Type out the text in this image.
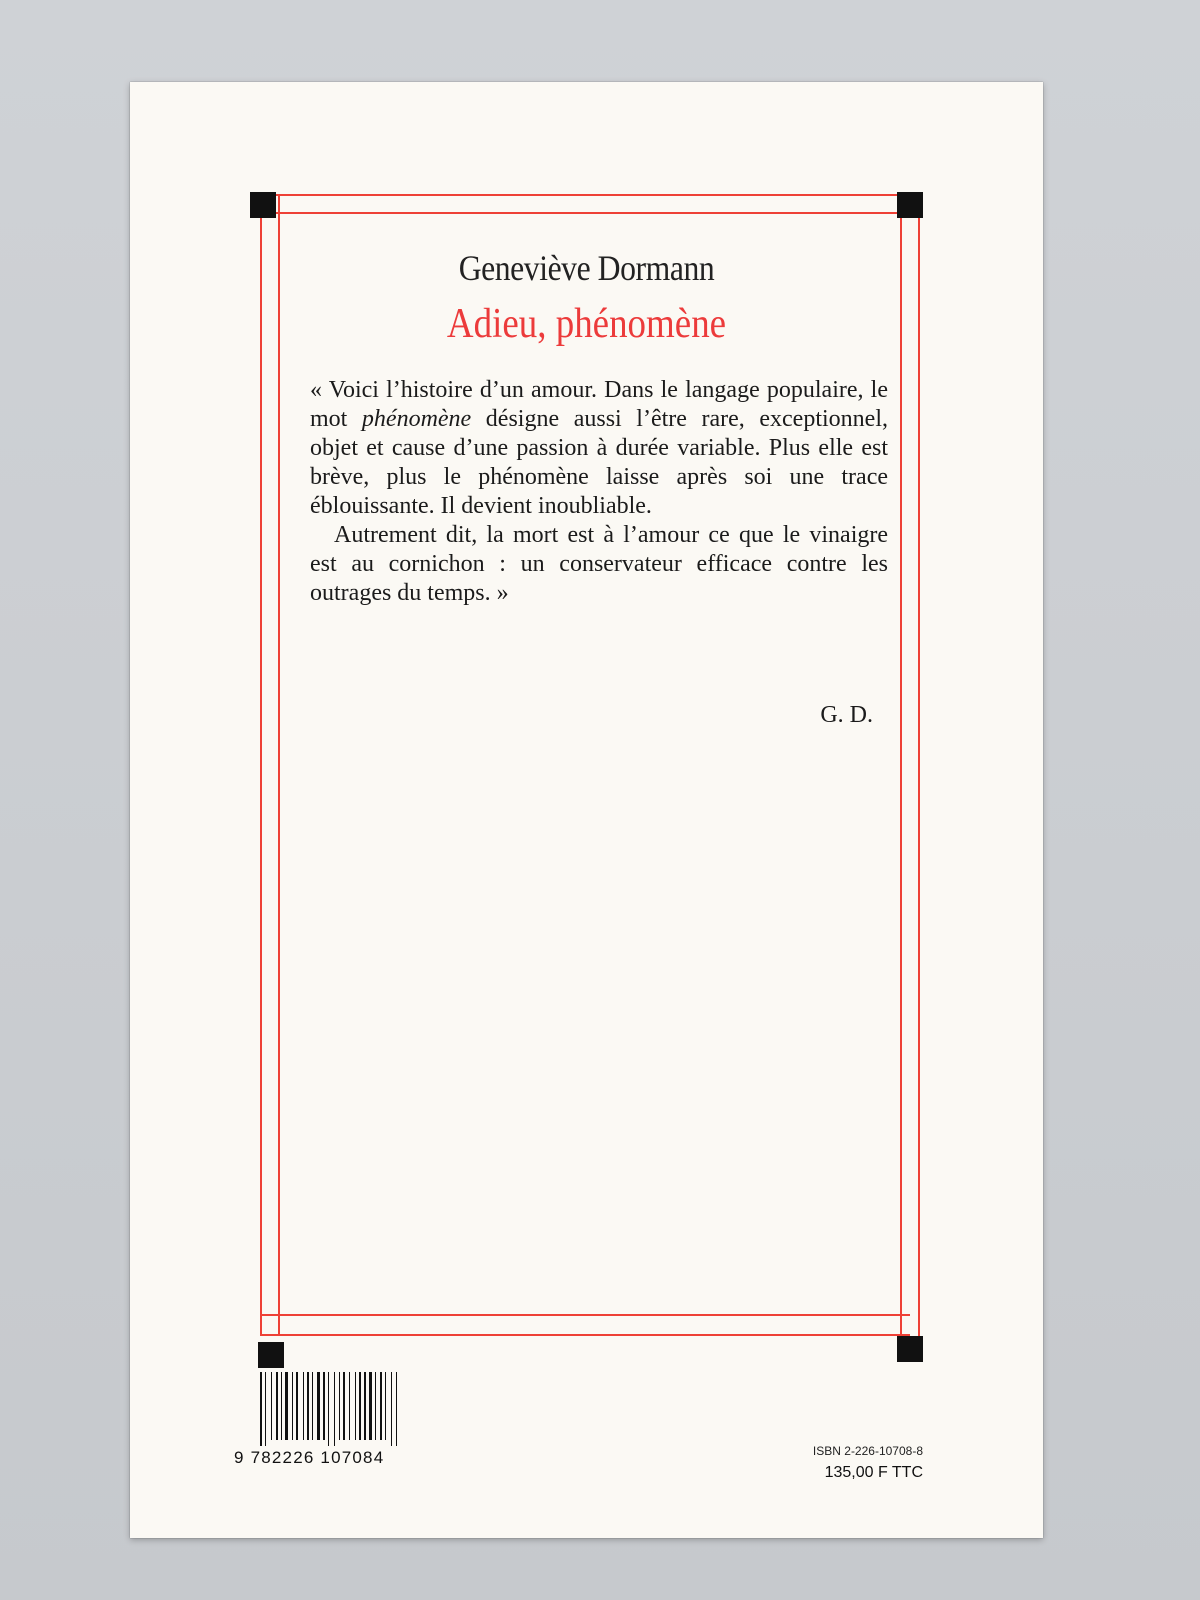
Geneviève Dormann
Adieu, phénomène

« Voici l’histoire d’un amour. Dans le langage populaire, le mot phénomène désigne aussi l’être rare, exceptionnel, objet et cause d’une passion à durée variable. Plus elle est brève, plus le phénomène laisse après soi une trace éblouissante. Il devient inoubliable.

Autrement dit, la mort est à l’amour ce que le vinaigre est au cornichon : un conservateur efficace contre les outrages du temps. »

G. D.
9 782226 107084	ISBN 2-226-10708-8
135,00 F TTC
